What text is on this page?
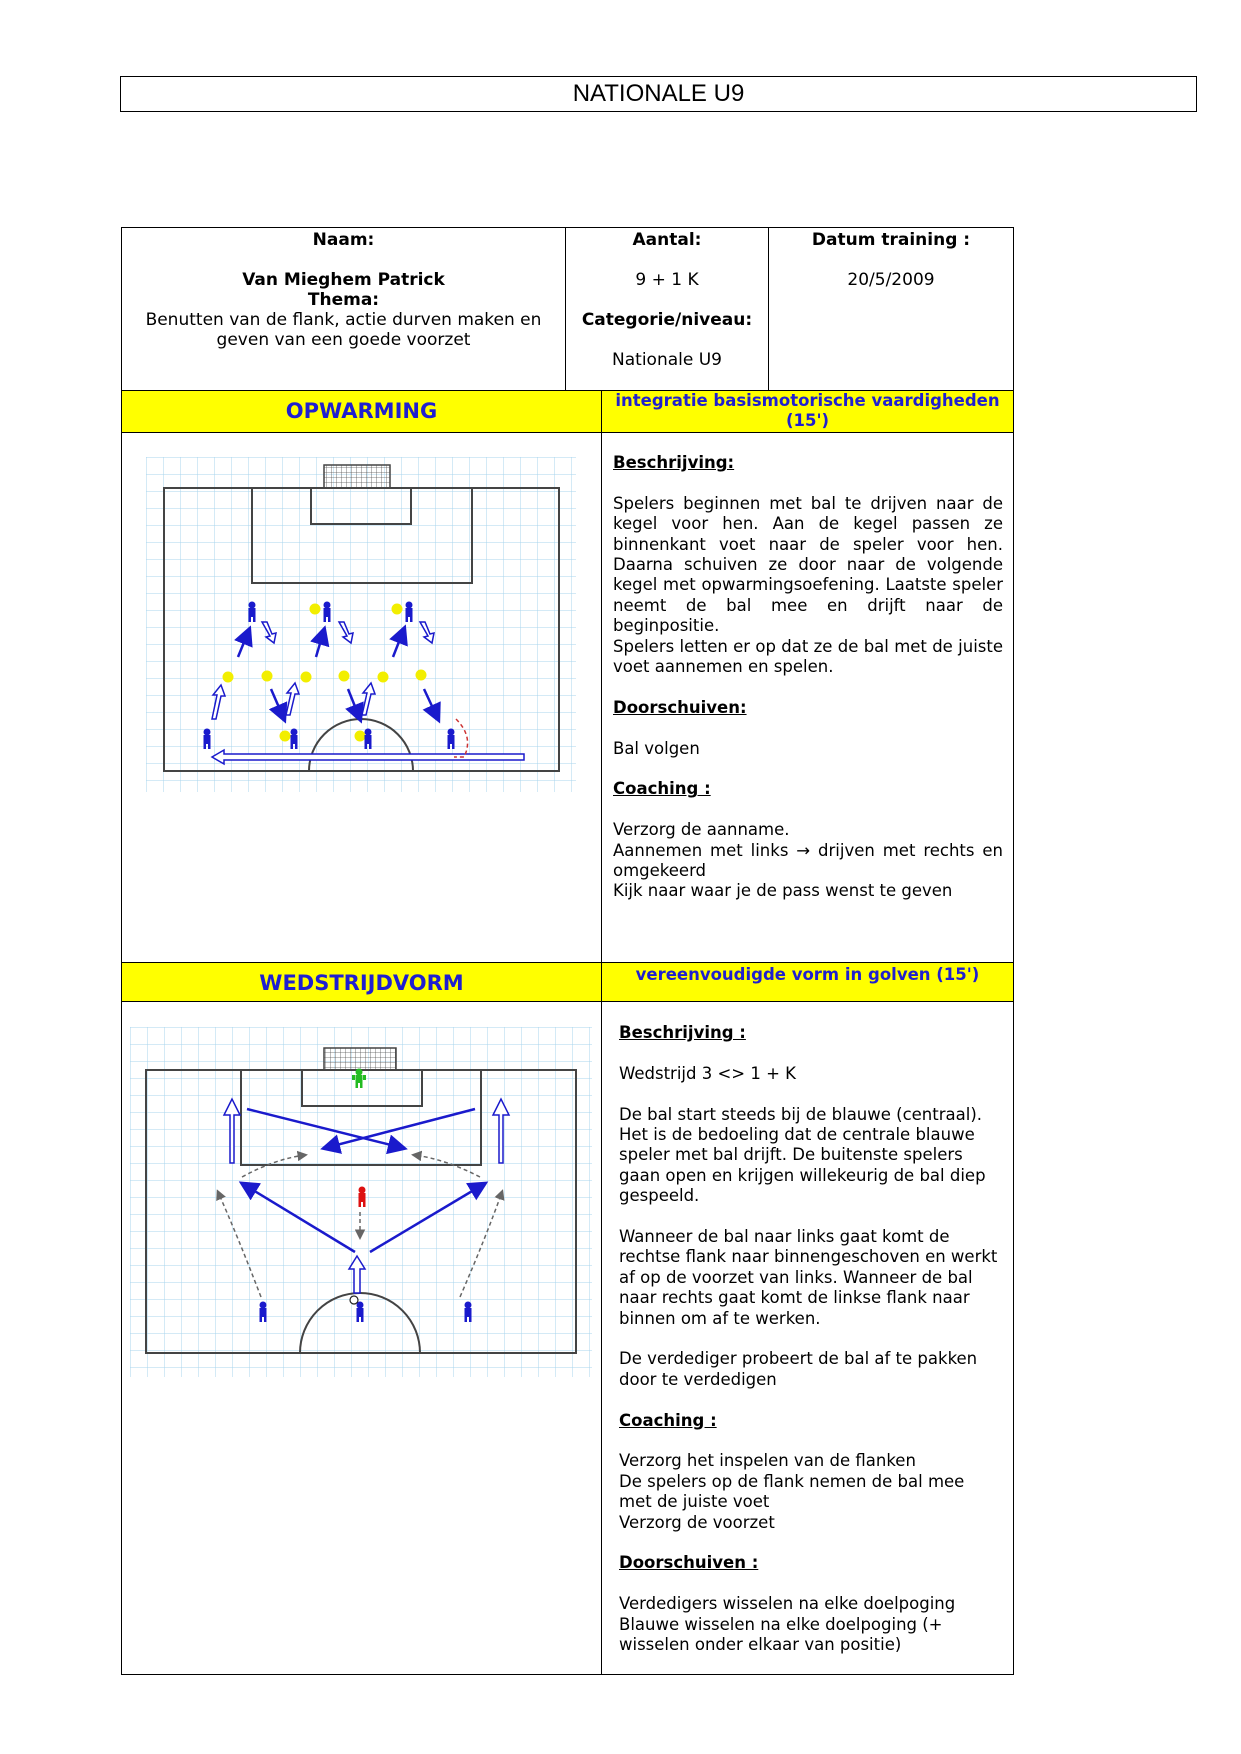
NATIONALE U9
Naam:
Van Mieghem Patrick
Thema:
Benutten van de flank, actie durven maken en geven van een goede voorzet
Aantal:
9 + 1 K
Categorie/niveau:
Nationale U9
Datum training :
20/5/2009
OPWARMING	integratie basismotorische vaardigheden (15')

Beschrijving:

Spelers beginnen met bal te drijven naar de kegel voor hen. Aan de kegel passen ze binnenkant voet naar de speler voor hen. Daarna schuiven ze door naar de volgende kegel met opwarmingsoefening. Laatste speler neemt de bal mee en drijft naar de beginpositie.

Spelers letten er op dat ze de bal met de juiste voet aannemen en spelen.

Doorschuiven:

Bal volgen

Coaching :

Verzorg de aanname.

Aannemen met links → drijven met rechts en omgekeerd

Kijk naar waar je de pass wenst te geven

WEDSTRIJDVORM	vereenvoudigde vorm in golven (15')

Beschrijving :

Wedstrijd 3 <> 1 + K

De bal start steeds bij de blauwe (centraal). Het is de bedoeling dat de centrale blauwe speler met bal drijft. De buitenste spelers gaan open en krijgen willekeurig de bal diep gespeeld.

Wanneer de bal naar links gaat komt de rechtse flank naar binnengeschoven en werkt af op de voorzet van links. Wanneer de bal naar rechts gaat komt de linkse flank naar binnen om af te werken.

De verdediger probeert de bal af te pakken door te verdedigen

Coaching :

Verzorg het inspelen van de flanken

De spelers op de flank nemen de bal mee met de juiste voet

Verzorg de voorzet

Doorschuiven :

Verdedigers wisselen na elke doelpoging

Blauwe wisselen na elke doelpoging (+ wisselen onder elkaar van positie)
